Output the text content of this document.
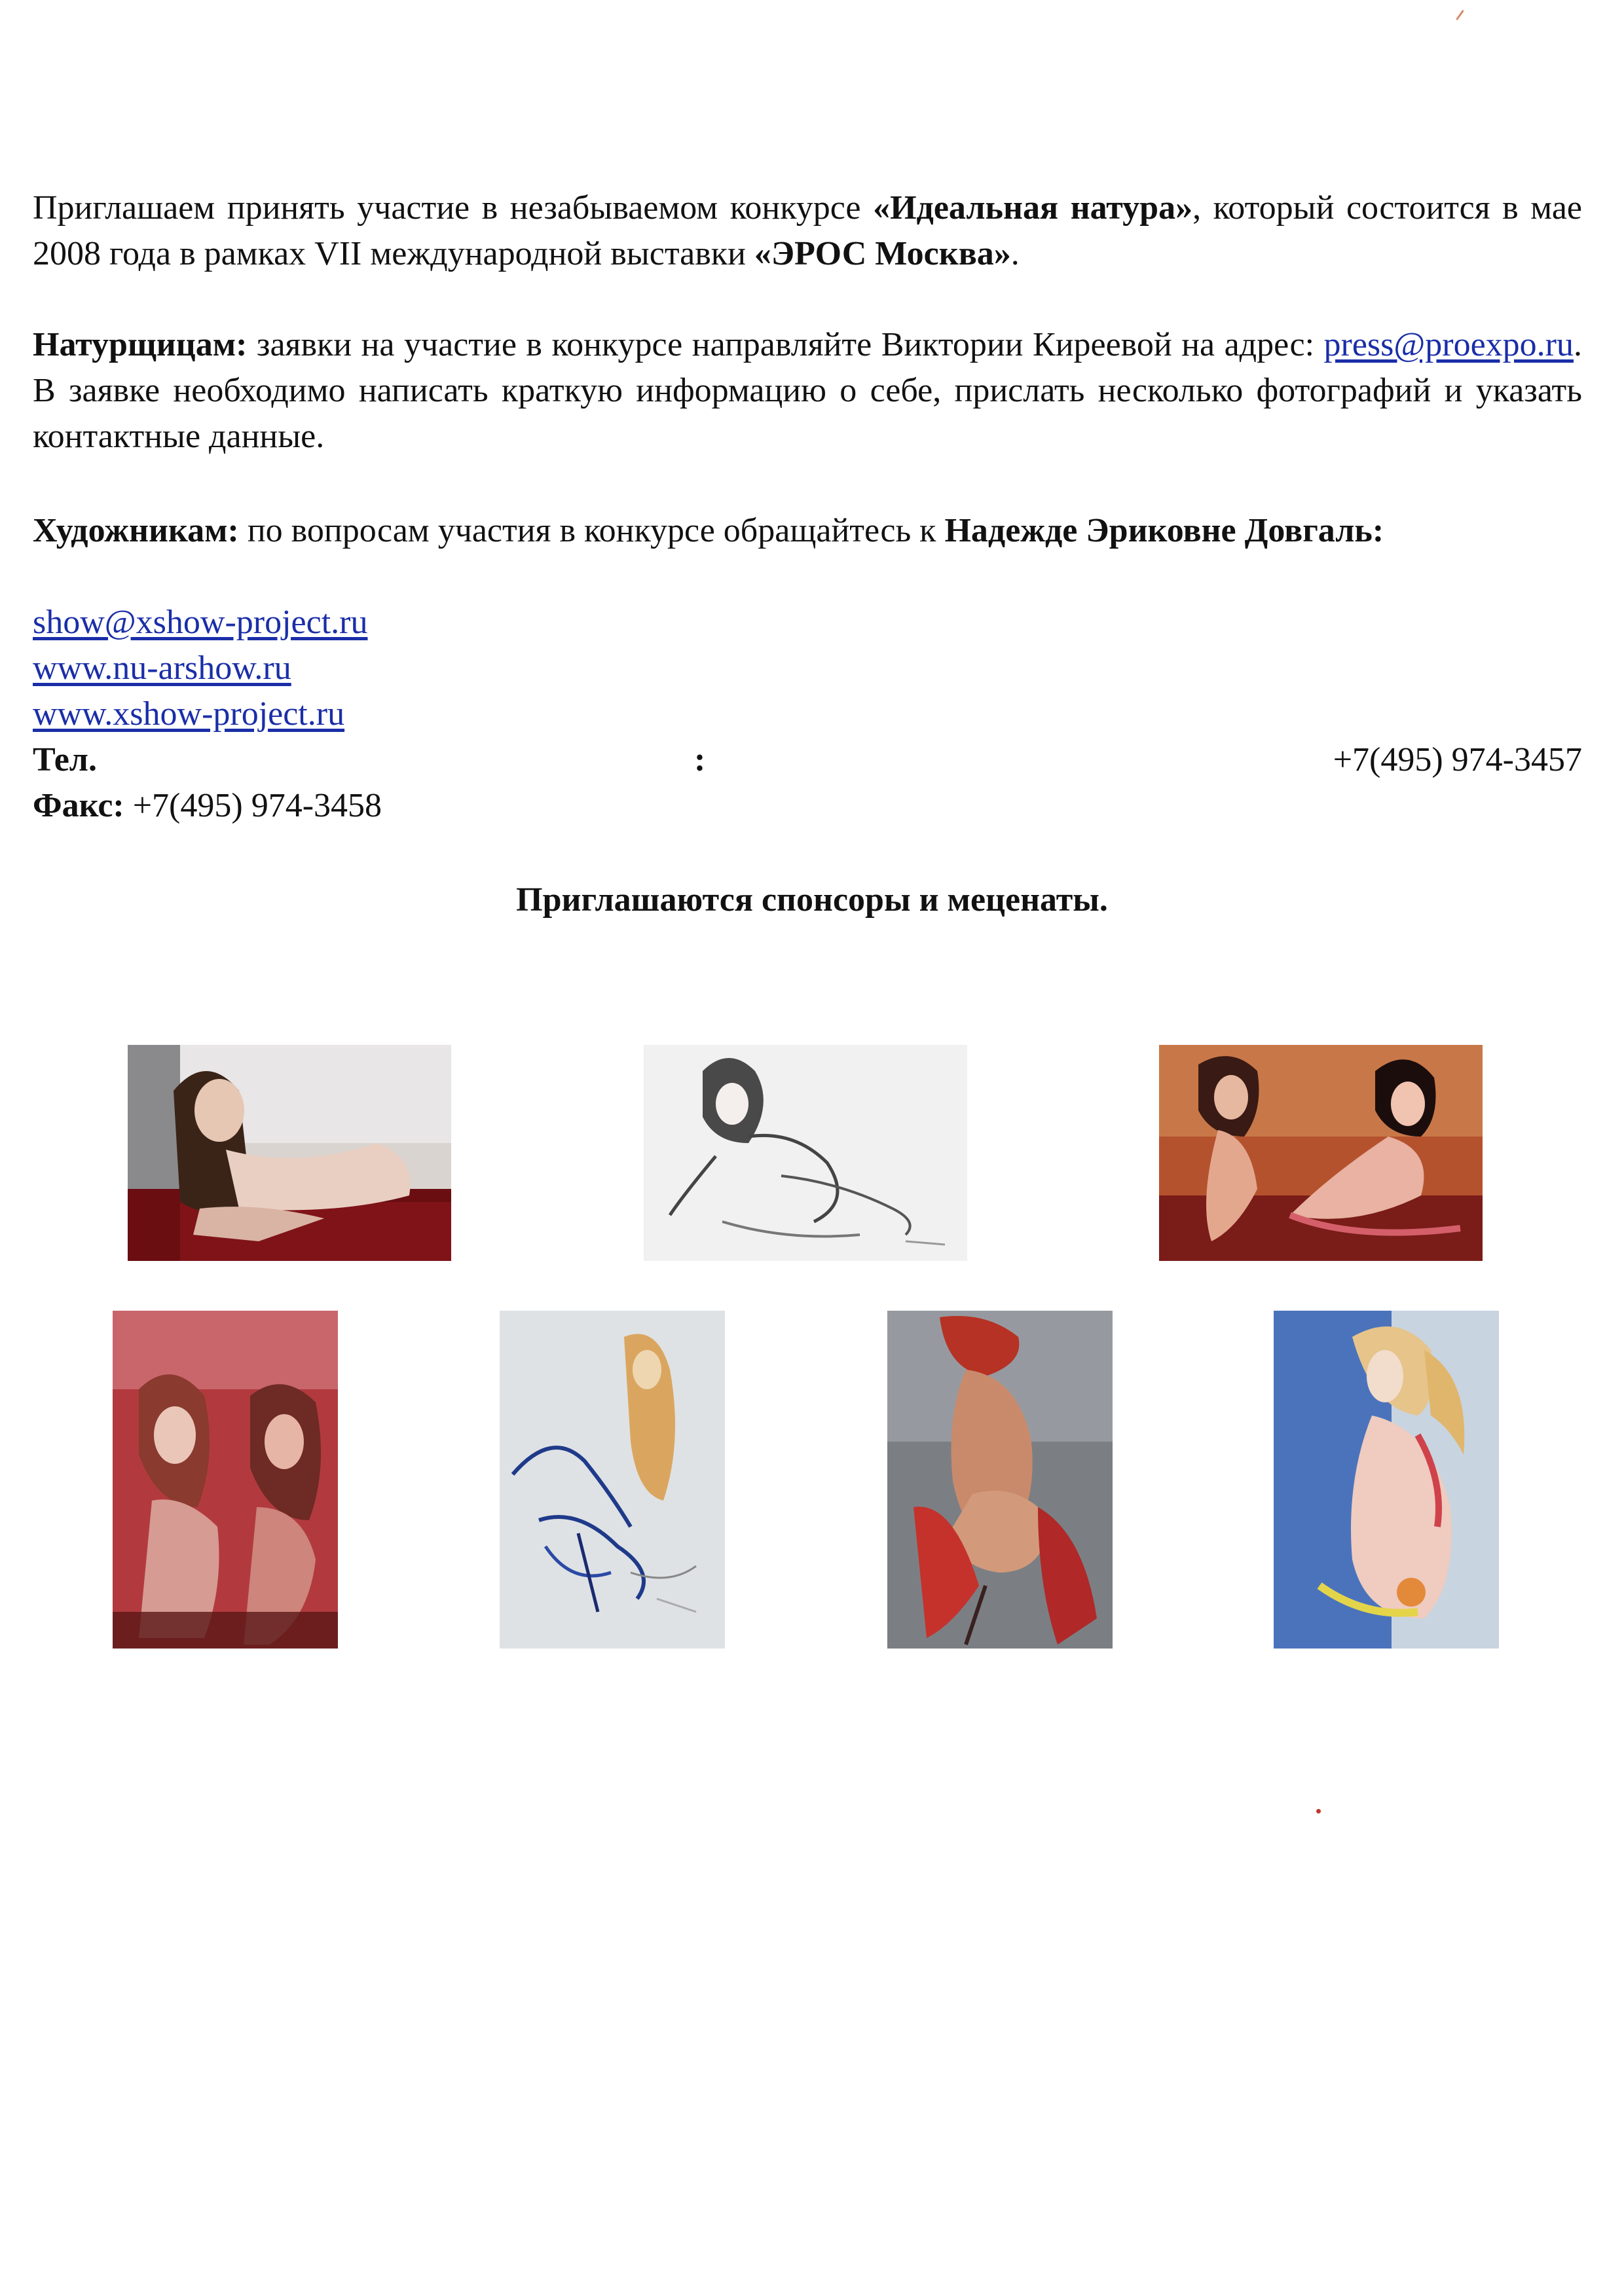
Приглашаем принять участие в незабываемом конкурсе «Идеальная натура», который состоится в мае 2008 года в рамках VII международной выставки «ЭРОС Москва».

Натурщицам: заявки на участие в конкурсе направляйте Виктории Киреевой на адрес: press@proexpo.ru. В заявке необходимо написать краткую информацию о себе, прислать несколько фотографий и указать контактные данные.

Художникам: по вопросам участия в конкурсе обращайтесь к Надежде Эриковне Довгаль:

show@xshow-project.ru
www.nu-arshow.ru
www.xshow-project.ru
Тел.	:	+7(495) 974-3457
Факс: +7(495) 974-3458
Приглашаются спонсоры и меценаты.
